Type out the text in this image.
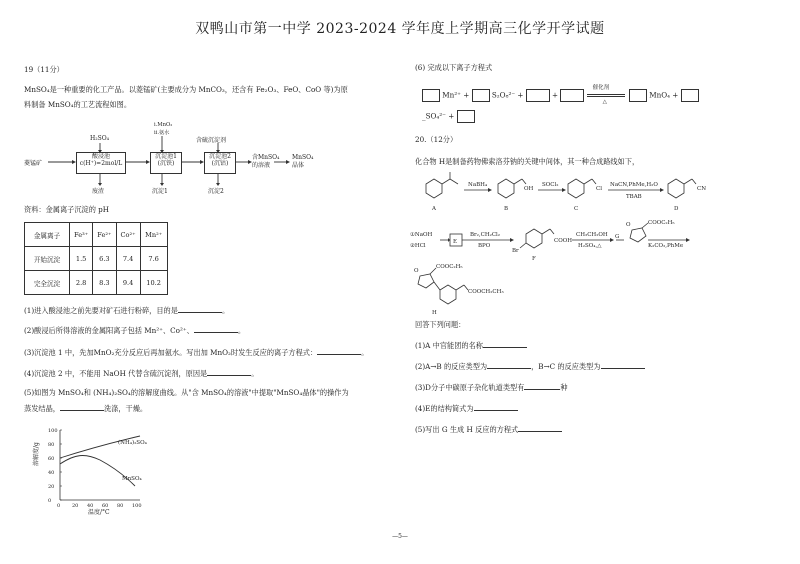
双鸭山市第一中学 2023-2024 学年度上学期高三化学开学试题
19（11分）
MnSO₄是一种重要的化工产品。以菱锰矿(主要成分为 MnCO₃，还含有 Fe₂O₃、FeO、CoO 等)为原
料制备 MnSO₄的工艺流程如图。
菱锰矿
H₂SO₄
酸浸池
c(H⁺)=2mol/L
废渣
i.MnO₂
ii.氨水
沉淀池1
(沉铁)
沉淀1
含硫沉淀剂
沉淀池2
(沉钴)
沉淀2
含MnSO₄
的溶液
MnSO₄
晶体
资料：金属离子沉淀的 pH
金属离子	Fe³⁺	Fe²⁺	Co²⁺	Mn²⁺
开始沉淀	1.5	6.3	7.4	7.6
完全沉淀	2.8	8.3	9.4	10.2
(1)进入酸浸池之前先要对矿石进行粉碎，目的是	。
(2)酸浸后所得溶液的金属阳离子包括 Mn²⁺、Co²⁺、	。
(3)沉淀池 1 中，先加MnO₂充分反应后再加氨水。写出加 MnO₂时发生反应的离子方程式：	。
(4)沉淀池 2 中，不能用 NaOH 代替含硫沉淀剂，原因是	。
(5)如图为 MnSO₄和 (NH₄)₂SO₄的溶解度曲线。从"含 MnSO₄的溶液"中提取"MnSO₄晶体"的操作为
蒸发结晶，	洗涤，干燥。
溶解度/g
0
20
40
60
80
100
0 20 40 60 80 100
(NH₄)₂SO₄
MnSO₄
温度/°C
(6) 完成以下离子方程式
Mn²⁺ +	S₂O₈²⁻ +	+
催化剂
△
MnO₄ +
_SO₄²⁻ +
20.（12分）
化合物 H是制备药物佛索洛芬钠的关键中间体，其一种合成路线如下，
A
NaBH₄
OH
B
SOCl₂
Cl
C
NaCN,PhMe,H₂O
TBAB
CN
D
①NaOH
②HCl
E
Br₂,CH₂Cl₂
BPO
Br
COOH
F
CH₃CH₂OH
H₂SO₄,△
G
O	COOC₂H₅
K₂CO₃,PhMe
O
COOC₂H₅
COOCH₂CH₃
H
回答下列问题：
(1)A 中官能团的名称
(2)A→B 的反应类型为	，B→C 的反应类型为
(3)D分子中碳原子杂化轨道类型有	种
(4)E的结构简式为
(5)写出 G 生成 H 反应的方程式
—5—
